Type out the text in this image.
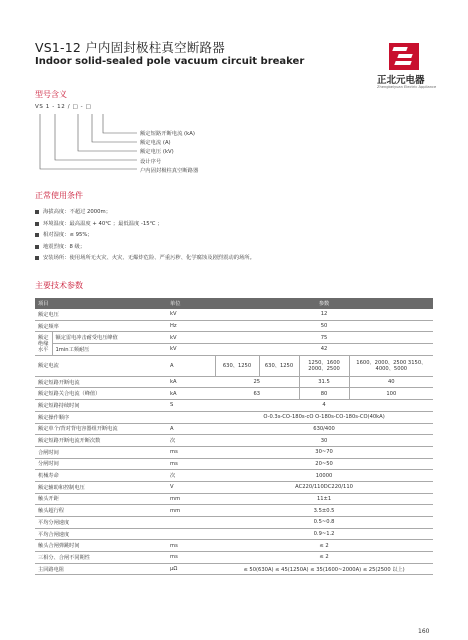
VS1-12 户内固封极柱真空断路器
Indoor solid-sealed pole vacuum circuit breaker
正北元电器
Zhengbeiyuan Electric Appliance
型号含义
VS 1 - 12 / □ - □
额定短路开断电流 (kA)
额定电流 (A)
额定电压 (kV)
设计序号
户内固封极柱真空断路器
正常使用条件
海拔高度：不超过 2000m；
环境温度：最高温度 + 40℃ ；最低温度 -15℃ ；
相对湿度：≤ 95%；
地震烈度：8 级；
安装场所：使用场所无火灾、火灾、无爆炸危险、严重污秽、化学腐蚀及剧烈震动的场所。
主要技术参数
项目		单位	参数			
额定电压		kV	12			
额定频率		Hz	50			
额定绝缘水平	额定雷电冲击耐受电压峰值	kV	75			
	1min工频耐压	kV	42			
额定电流		A	630、1250	630、1250	1250、1600 2000、2500	1600、2000、2500 3150、4000、5000
额定短路开断电流		kA	25		31.5	40
额定短路关合电流（峰值）		kA	63		80	100
额定短路持续时间		S	4			
额定操作顺序			O-0.3s-CO-180s-cO O-180s-CO-180s-CO(40kA)			
额定单个/背对背电容器组开断电流		A	630/400			
额定短路开断电流开断次数		次	30			
合闸时间		ms	30~70			
分闸时间		ms	20~50			
机械寿命		次	10000			
额定辅助和控制电压		V	AC220/110DC220/110			
触头开距		mm	11±1			
触头超行程		mm	3.5±0.5			
平均分闸速度			0.5~0.8			
平均合闸速度			0.9~1.2			
触头合闸弹跳时间		ms	≤ 2			
三相分、合闸不同期性		ms	≤ 2			
主回路电阻		μΩ	≤ 50(630A) ≤ 45(1250A) ≤ 35(1600~2000A) ≤ 25(2500 以上)			
160
